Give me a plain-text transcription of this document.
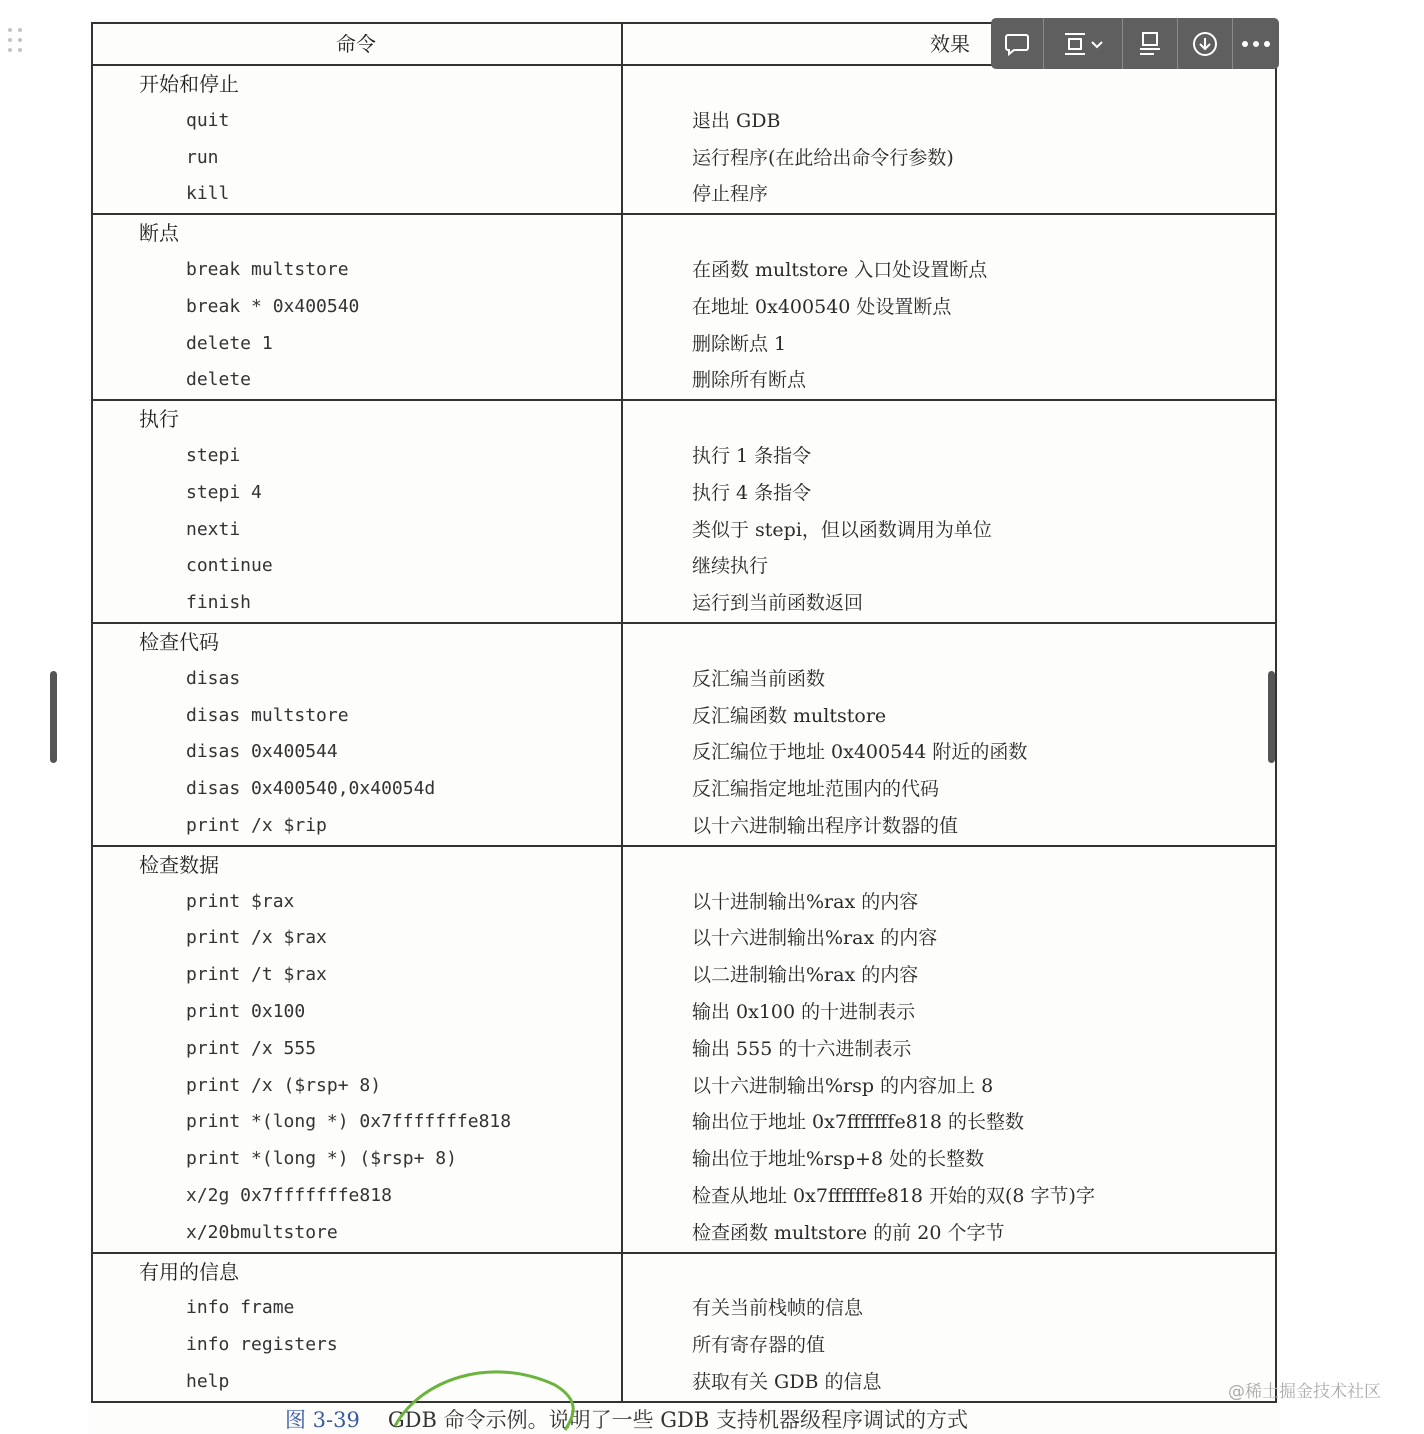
命令	效果
开始和停止
quit
run
kill
退出 GDB
运行程序(在此给出命令行参数)
停止程序
断点
break multstore
break * 0x400540
delete 1
delete
在函数 multstore 入口处设置断点
在地址 0x400540 处设置断点
删除断点 1
删除所有断点
执行
stepi
stepi 4
nexti
continue
finish
执行 1 条指令
执行 4 条指令
类似于 stepi，但以函数调用为单位
继续执行
运行到当前函数返回
检查代码
disas
disas multstore
disas 0x400544
disas 0x400540,0x40054d
print /x $rip
反汇编当前函数
反汇编函数 multstore
反汇编位于地址 0x400544 附近的函数
反汇编指定地址范围内的代码
以十六进制输出程序计数器的值
检查数据
print $rax
print /x $rax
print /t $rax
print 0x100
print /x 555
print /x ($rsp+ 8)
print *(long *) 0x7fffffffe818
print *(long *) ($rsp+ 8)
x/2g 0x7fffffffe818
x/20bmultstore
以十进制输出%rax 的内容
以十六进制输出%rax 的内容
以二进制输出%rax 的内容
输出 0x100 的十进制表示
输出 555 的十六进制表示
以十六进制输出%rsp 的内容加上 8
输出位于地址 0x7fffffffe818 的长整数
输出位于地址%rsp+8 处的长整数
检查从地址 0x7fffffffe818 开始的双(8 字节)字
检查函数 multstore 的前 20 个字节
有用的信息
info frame
info registers
help
有关当前栈帧的信息
所有寄存器的值
获取有关 GDB 的信息
图 3-39 GDB 命令示例。说明了一些 GDB 支持机器级程序调试的方式
@稀土掘金技术社区
